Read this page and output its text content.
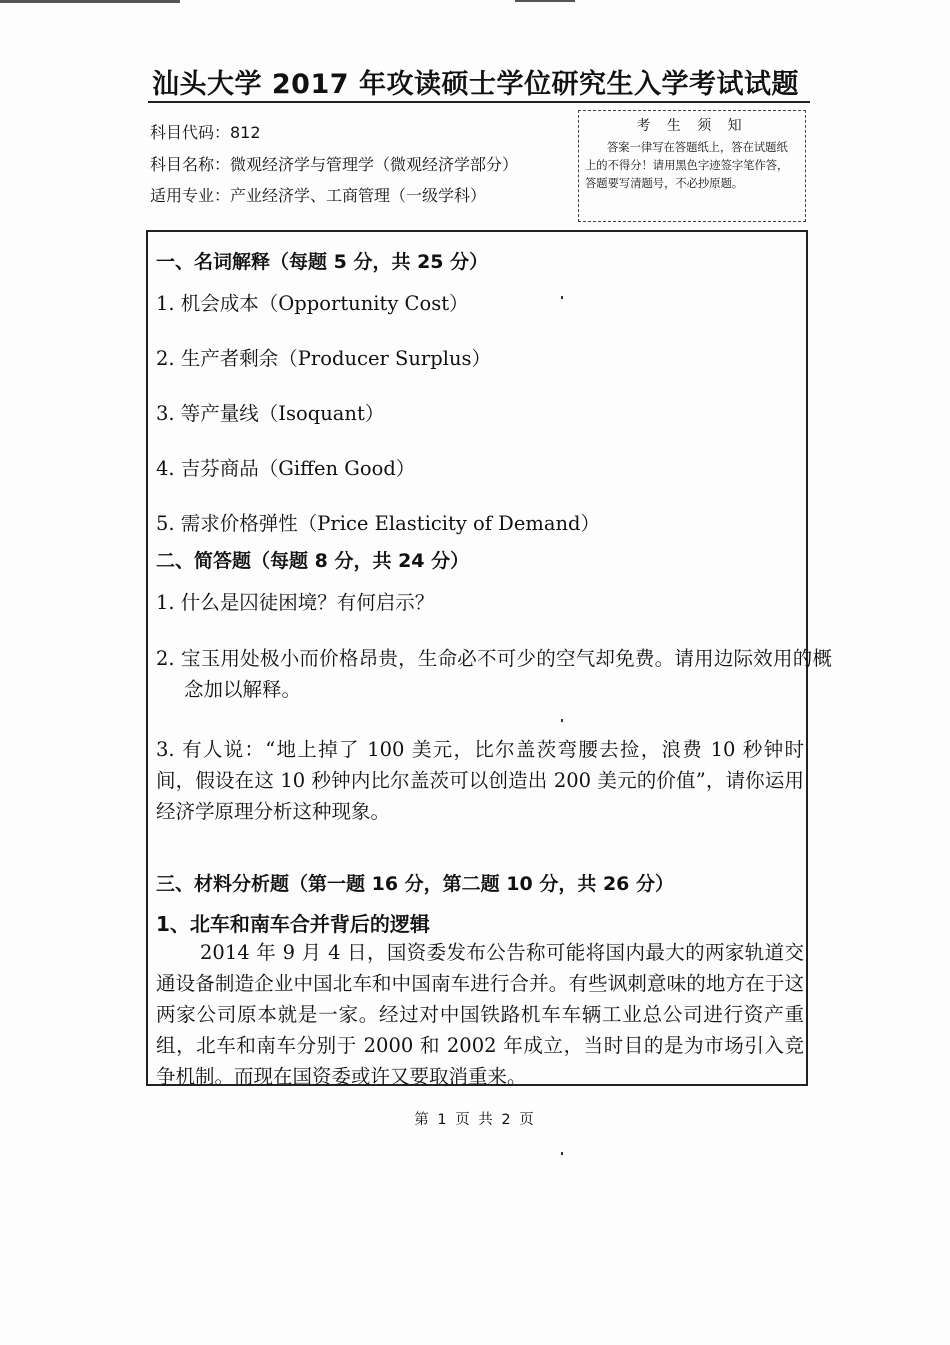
汕头大学 2017 年攻读硕士学位研究生入学考试试题
科目代码：812
科目名称：微观经济学与管理学（微观经济学部分）
适用专业：产业经济学、工商管理（一级学科）
考 生 须 知
答案一律写在答题纸上，答在试题纸上的不得分！请用黑色字迹签字笔作答，答题要写清题号，不必抄原题。
一、名词解释（每题 5 分，共 25 分）
1. 机会成本（Opportunity Cost）
2. 生产者剩余（Producer Surplus）
3. 等产量线（Isoquant）
4. 吉芬商品（Giffen Good）
5. 需求价格弹性（Price Elasticity of Demand）
二、简答题（每题 8 分，共 24 分）
1. 什么是囚徒困境？有何启示？
2. 宝玉用处极小而价格昂贵，生命必不可少的空气却免费。请用边际效用的概念加以解释。
3. 有人说：“地上掉了 100 美元，比尔盖茨弯腰去捡，浪费 10 秒钟时间，假设在这 10 秒钟内比尔盖茨可以创造出 200 美元的价值”，请你运用经济学原理分析这种现象。
三、材料分析题（第一题 16 分，第二题 10 分，共 26 分）
1、北车和南车合并背后的逻辑
2014 年 9 月 4 日，国资委发布公告称可能将国内最大的两家轨道交通设备制造企业中国北车和中国南车进行合并。有些讽刺意味的地方在于这两家公司原本就是一家。经过对中国铁路机车车辆工业总公司进行资产重组，北车和南车分别于 2000 和 2002 年成立，当时目的是为市场引入竞争机制。而现在国资委或许又要取消重来。
第 1 页 共 2 页
